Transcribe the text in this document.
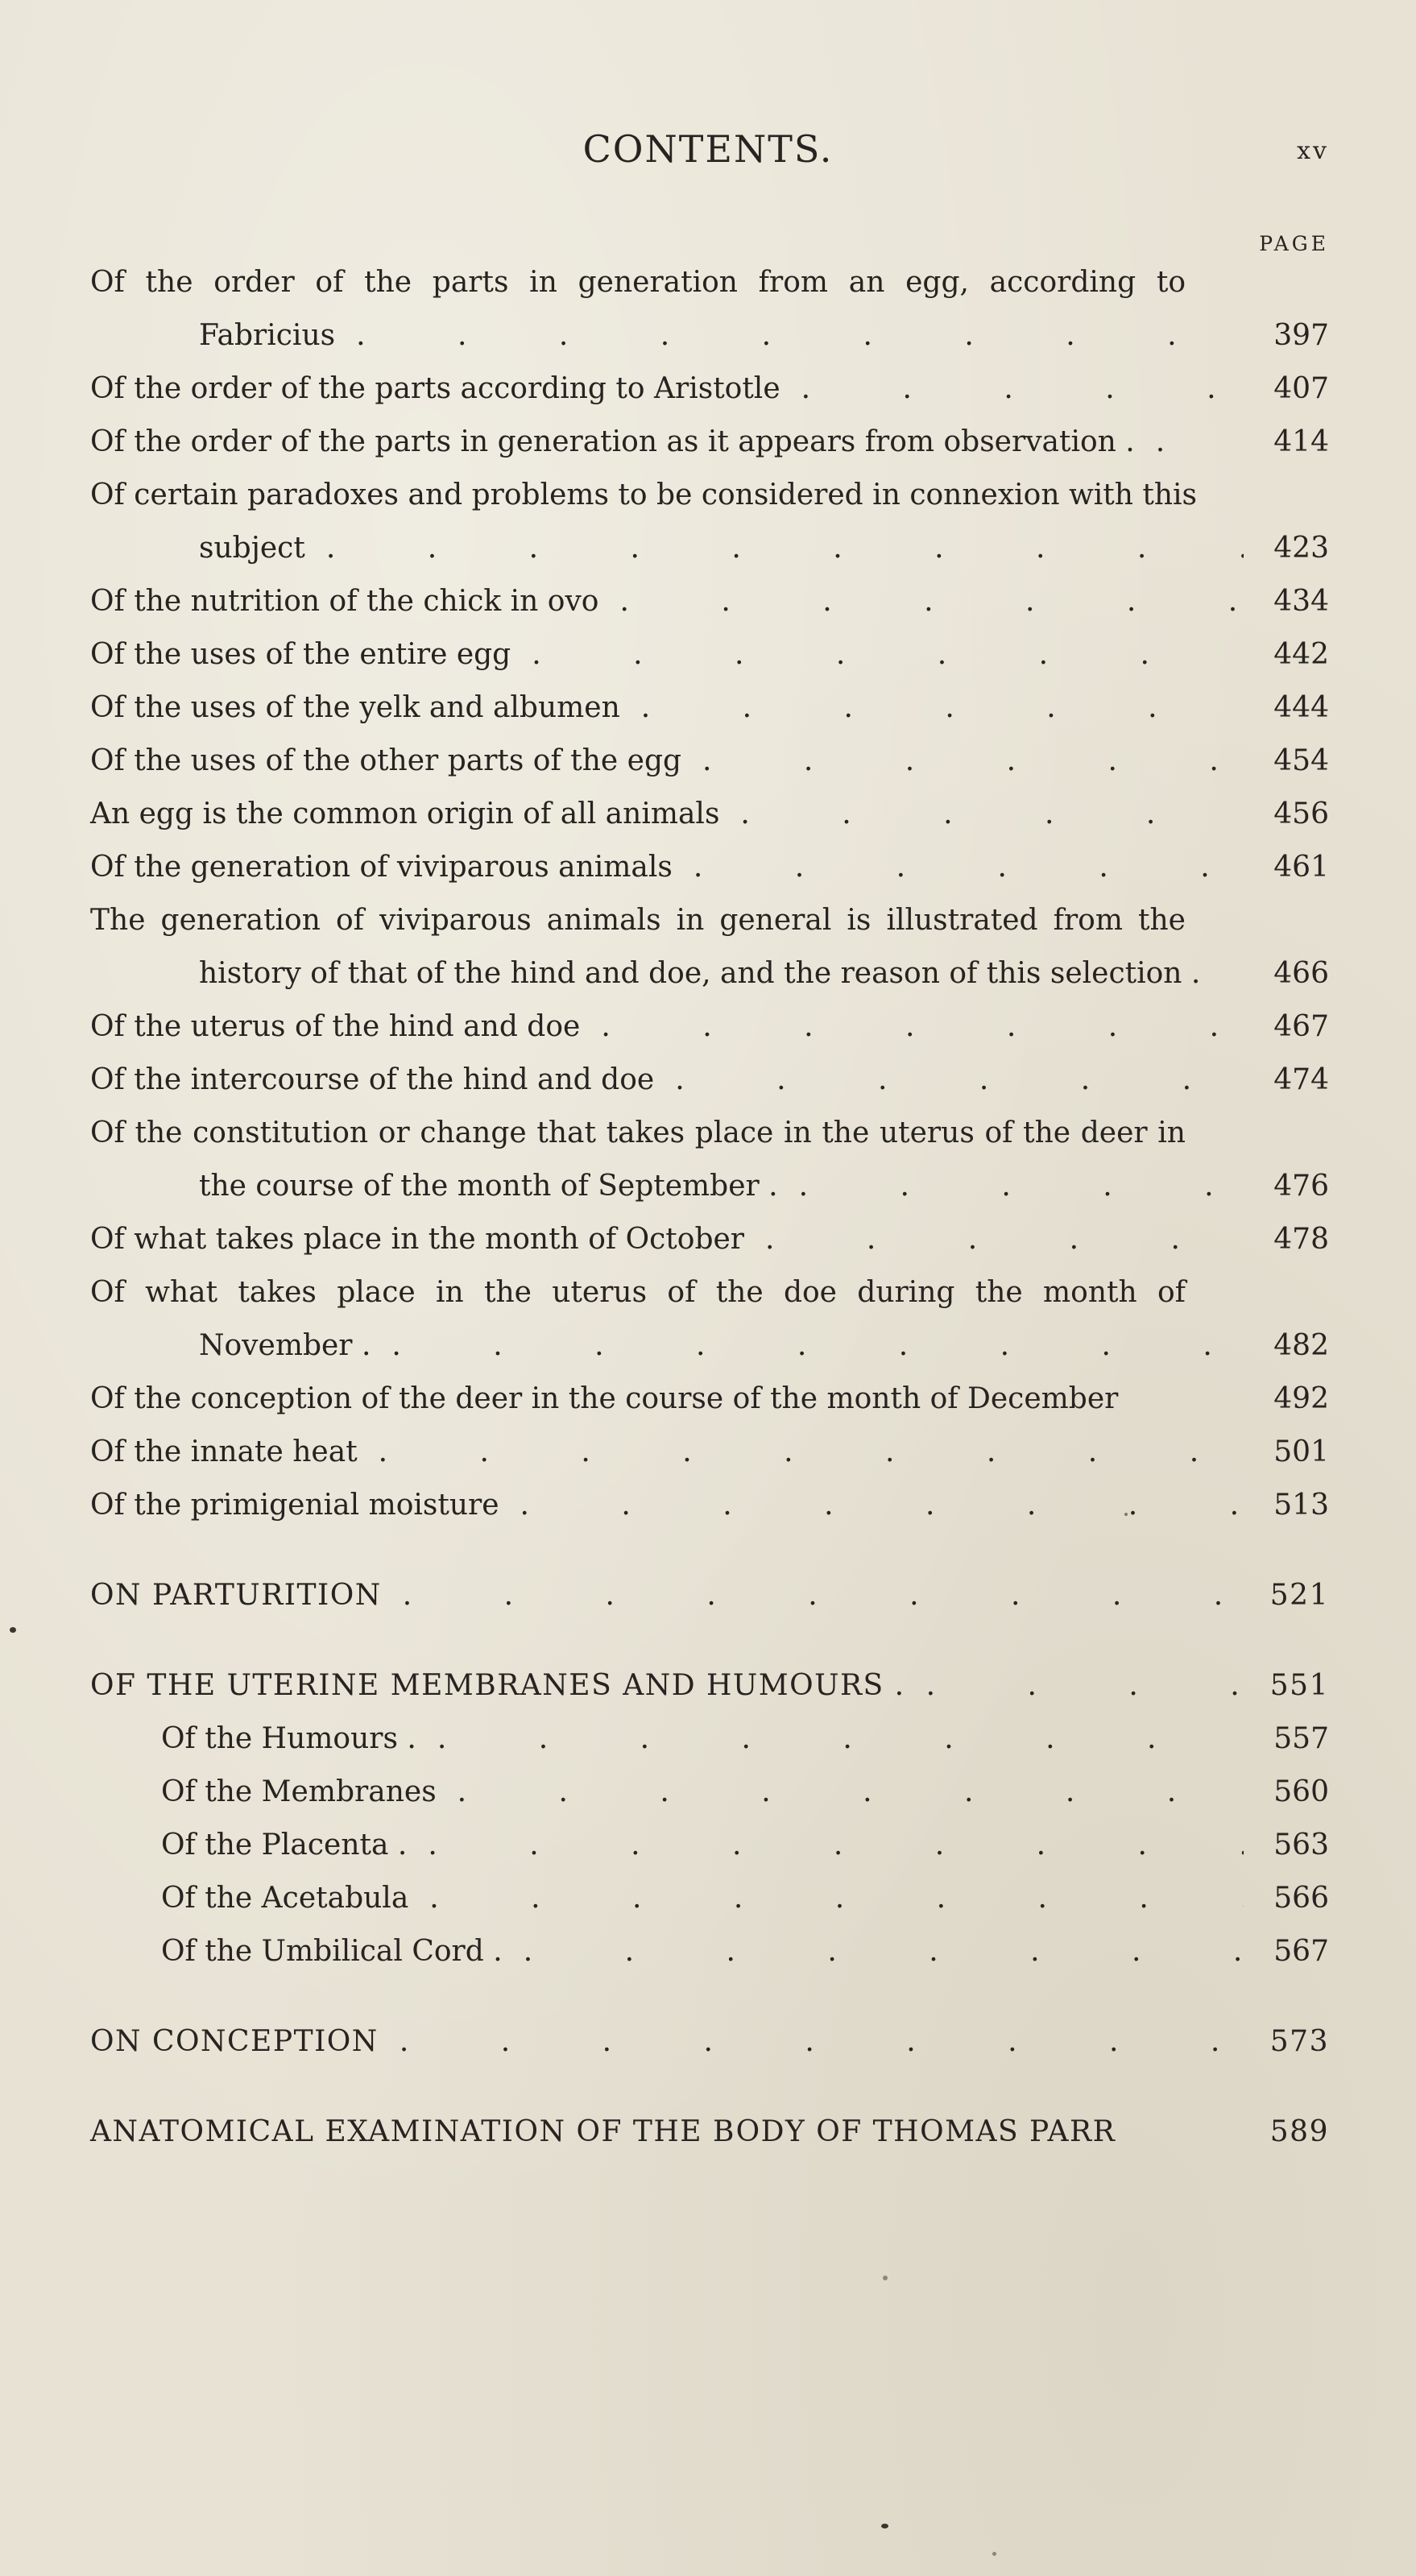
CONTENTS.	xv
PAGE
Of the order of the parts in generation from an egg, according to
Fabricius .	397
Of the order of the parts according to Aristotle .	407
Of the order of the parts in generation as it appears from observation . .	414
Of certain paradoxes and problems to be considered in connexion with this
subject .	423
Of the nutrition of the chick in ovo .	434
Of the uses of the entire egg .	442
Of the uses of the yelk and albumen .	444
Of the uses of the other parts of the egg .	454
An egg is the common origin of all animals .	456
Of the generation of viviparous animals .	461
The generation of viviparous animals in general is illustrated from the
history of that of the hind and doe, and the reason of this selection .	466
Of the uterus of the hind and doe .	467
Of the intercourse of the hind and doe .	474
Of the constitution or change that takes place in the uterus of the deer in
the course of the month of September . .	476
Of what takes place in the month of October .	478
Of what takes place in the uterus of the doe during the month of
November . .	482
Of the conception of the deer in the course of the month of December	492
Of the innate heat .	501
Of the primigenial moisture .	513
ON PARTURITION .	521
OF THE UTERINE MEMBRANES AND HUMOURS . .	551
Of the Humours . .	557
Of the Membranes .	560
Of the Placenta . .	563
Of the Acetabula .	566
Of the Umbilical Cord . .	567
ON CONCEPTION .	573
ANATOMICAL EXAMINATION OF THE BODY OF THOMAS PARR	589
